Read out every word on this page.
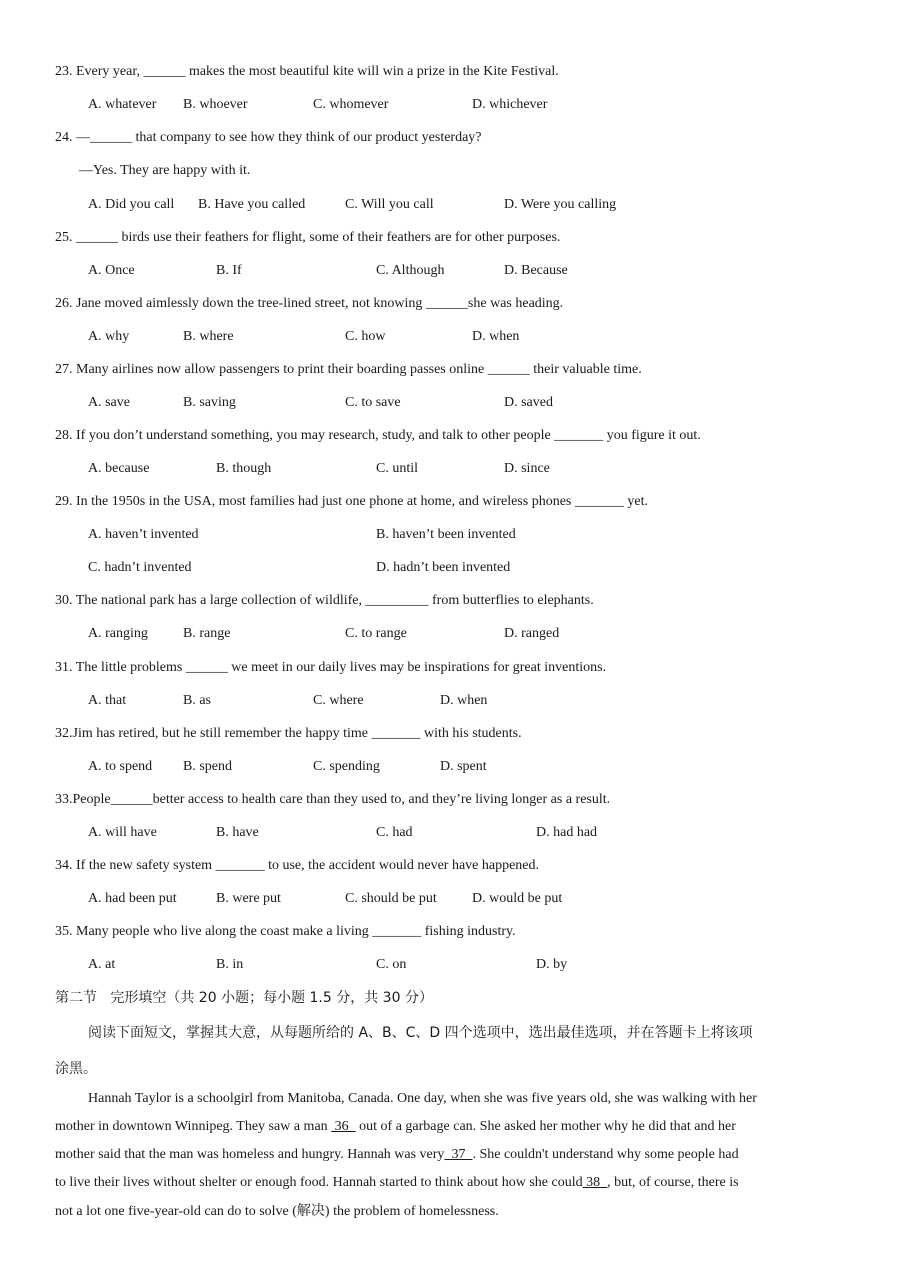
23. Every year, ______ makes the most beautiful kite will win a prize in the Kite Festival.
A. whatever B. whoever	C. whomever	D. whichever
24. —______ that company to see how they think of our product yesterday?
—Yes. They are happy with it.
A. Did you call B. Have you called	C. Will you call	D. Were you calling
25. ______ birds use their feathers for flight, some of their feathers are for other purposes.
A. Once	B. If	C. Although	D. Because
26. Jane moved aimlessly down the tree-lined street, not knowing ______she was heading.
A. why	B. where	C. how	D. when
27. Many airlines now allow passengers to print their boarding passes online ______ their valuable time.
A. save	B. saving	C. to save	D. saved
28. If you don’t understand something, you may research, study, and talk to other people _______ you figure it out.
A. because	B. though	C. until	D. since
29. In the 1950s in the USA, most families had just one phone at home, and wireless phones _______ yet.
A. haven’t invented	B. haven’t been invented
C. hadn’t invented	D. hadn’t been invented
30. The national park has a large collection of wildlife, _________ from butterflies to elephants.
A. ranging	B. range	C. to range	D. ranged
31. The little problems ______ we meet in our daily lives may be inspirations for great inventions.
A. that	B. as	C. where	D. when
32.Jim has retired, but he still remember the happy time _______ with his students.
A. to spend B. spend	C. spending	D. spent
33.People______better access to health care than they used to, and they’re living longer as a result.
A. will have	B. have	C. had	D. had had
34. If the new safety system _______ to use, the accident would never have happened.
A. had been put	B. were put	C. should be put	D. would be put
35. Many people who live along the coast make a living _______ fishing industry.
A. at	B. in	C. on	D. by
第二节   完形填空（共 20 小题；每小题 1.5 分，共 30 分）
阅读下面短文，掌握其大意，从每题所给的 A、B、C、D 四个选项中，选出最佳选项，并在答题卡上将该项
涂黑。
Hannah Taylor is a schoolgirl from Manitoba, Canada. One day, when she was five years old, she was walking with her
mother in downtown Winnipeg. They saw a man  36   out of a garbage can. She asked her mother why he did that and her
mother said that the man was homeless and hungry. Hannah was very  37  . She couldn't understand why some people had
to live their lives without shelter or enough food. Hannah started to think about how she could 38  , but, of course, there is
not a lot one five-year-old can do to solve (解决) the problem of homelessness.
